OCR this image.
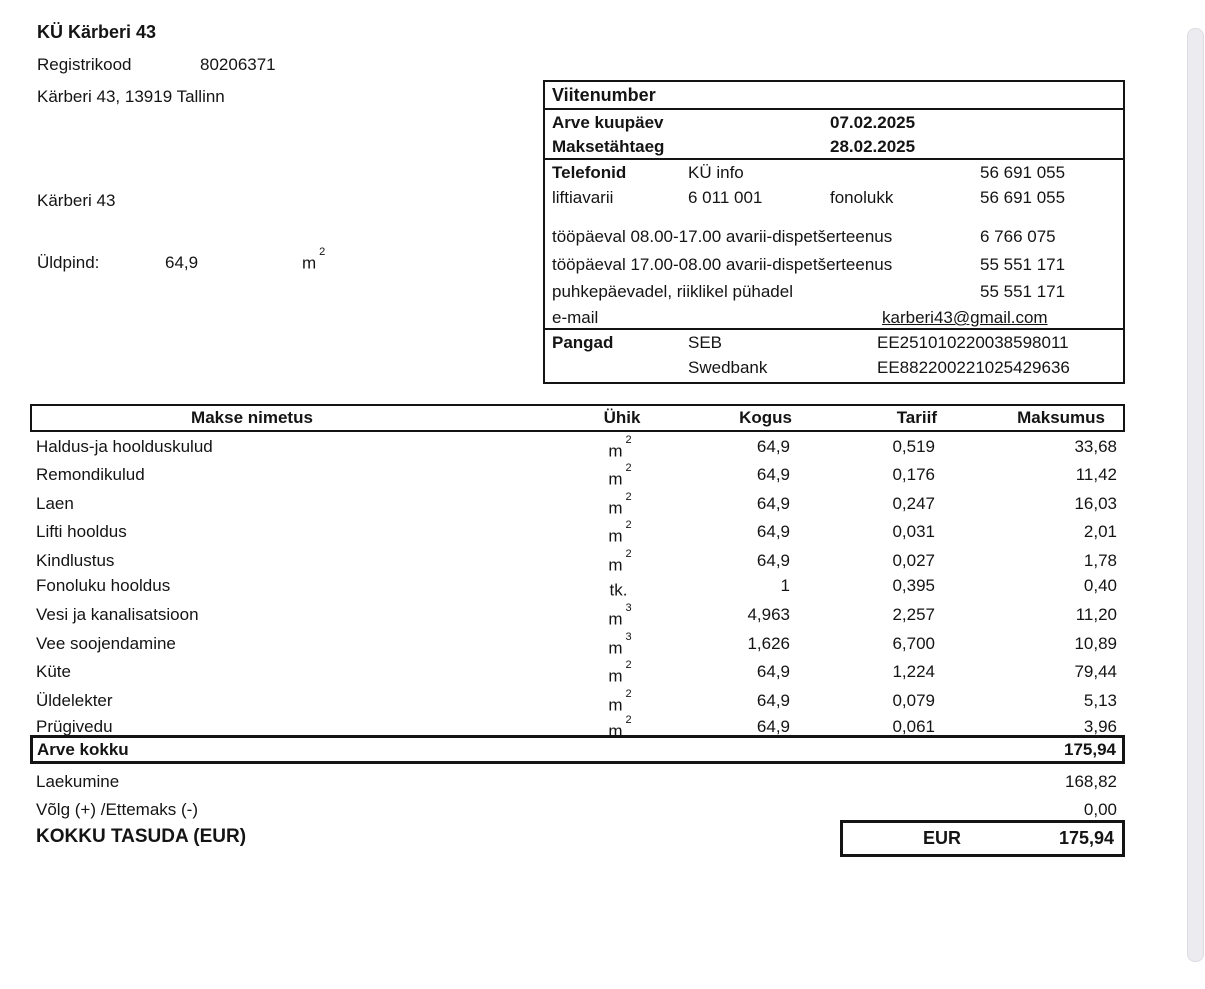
KÜ Kärberi 43
Registrikood	80206371
Kärberi 43, 13919 Tallinn
Kärberi 43
Üldpind:	64,9	$m^2$
Viitenumber
Arve kuupäev	07.02.2025
Maksetähtaeg	28.02.2025
Telefonid	KÜ info	56 691 055
liftiavarii	6 011 001	fonolukk	56 691 055
tööpäeval 08.00-17.00 avarii-dispetšerteenus	6 766 075
tööpäeval 17.00-08.00 avarii-dispetšerteenus	55 551 171
puhkepäevadel, riiklikel pühadel	55 551 171
e-mail	karberi43@gmail.com
Pangad	SEB	EE251010220038598011
Swedbank	EE882200221025429636
Makse nimetus	Ühik	Kogus	Tariif	Maksumus
Haldus-ja hoolduskulud	$m^2$	64,9	0,519	33,68
Remondikulud	$m^2$	64,9	0,176	11,42
Laen	$m^2$	64,9	0,247	16,03
Lifti hooldus	$m^2$	64,9	0,031	2,01
Kindlustus	$m^2$	64,9	0,027	1,78
Fonoluku hooldus	tk.	1	0,395	0,40
Vesi ja kanalisatsioon	$m^3$	4,963	2,257	11,20
Vee soojendamine	$m^3$	1,626	6,700	10,89
Küte	$m^2$	64,9	1,224	79,44
Üldelekter	$m^2$	64,9	0,079	5,13
Prügivedu	$m^2$	64,9	0,061	3,96
Arve kokku	175,94
Laekumine	168,82
Võlg (+) /Ettemaks (-)	0,00
KOKKU TASUDA (EUR)	EUR	175,94
